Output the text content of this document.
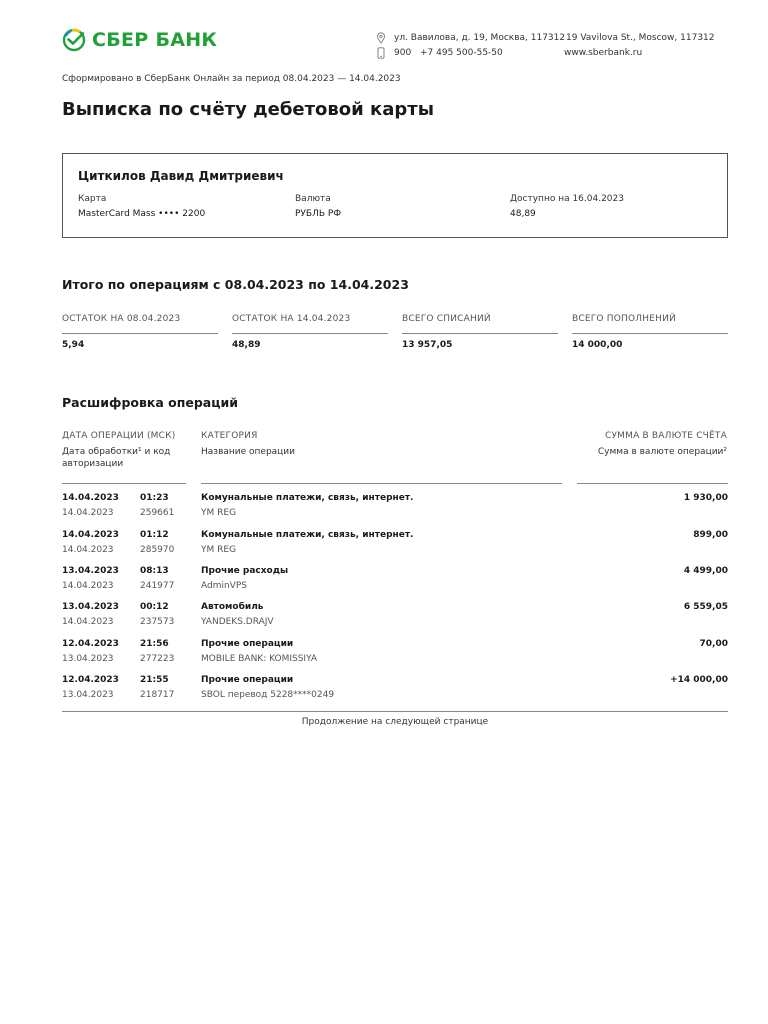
СБЕР БАНК	ул. Вавилова, д. 19, Москва, 117312 19 Vavilova St., Moscow, 117312
900 +7 495 500-55-50	www.sberbank.ru
Сформировано в СберБанк Онлайн за период 08.04.2023 — 14.04.2023
Выписка по счёту дебетовой карты
Циткилов Давид Дмитриевич
Карта
MasterCard Mass •••• 2200
Валюта
РУБЛЬ РФ
Доступно на 16.04.2023
48,89
Итого по операциям с 08.04.2023 по 14.04.2023
ОСТАТОК НА 08.04.2023
5,94
ОСТАТОК НА 14.04.2023
48,89
ВСЕГО СПИСАНИЙ
13 957,05
ВСЕГО ПОПОЛНЕНИЙ
14 000,00
Расшифровка операций
ДАТА ОПЕРАЦИИ (МСК)
Дата обработки¹ и код авторизации
КАТЕГОРИЯ
Название операции
СУММА В ВАЛЮТЕ СЧЁТА
Сумма в валюте операции²
14.04.2023 01:23	Комунальные платежи, связь, интернет.	1 930,00
14.04.2023	259661	YM REG
14.04.2023 01:12	Комунальные платежи, связь, интернет.	899,00
14.04.2023	285970	YM REG
13.04.2023 08:13	Прочие расходы	4 499,00
14.04.2023	241977	AdminVPS
13.04.2023 00:12	Автомобиль	6 559,05
14.04.2023	237573	YANDEKS.DRAJV
12.04.2023 21:56	Прочие операции	70,00
13.04.2023	277223	MOBILE BANK: KOMISSIYA
12.04.2023 21:55	Прочие операции	+14 000,00
13.04.2023	218717	SBOL перевод 5228****0249
Продолжение на следующей странице
